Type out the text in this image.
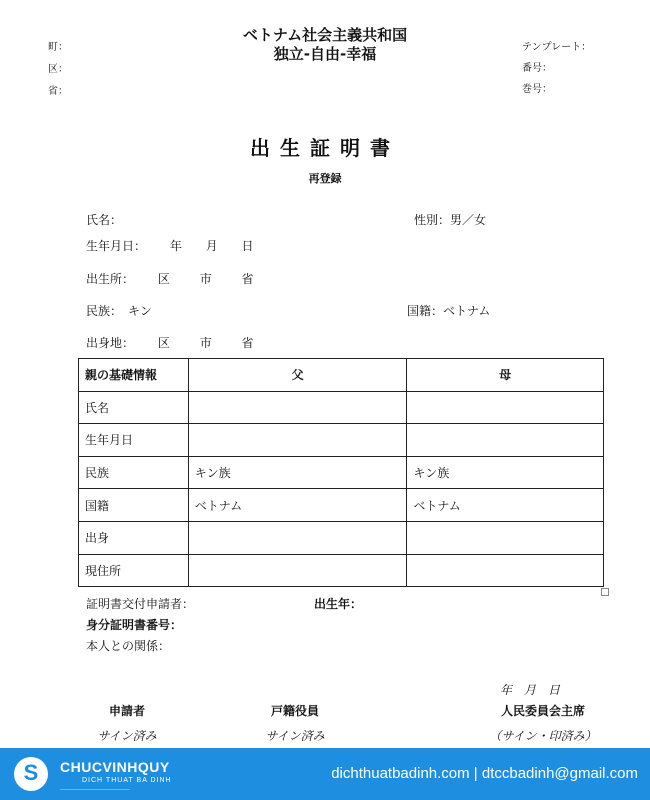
町：
区：
省：
ベトナム社会主義共和国
独立‐自由‐幸福	テンプレート：
番号：
巻号：
出生証明書
再登録
氏名：	性別：男／女
生年月日： 年 月 日
出生所： 区 市 省
民族：　キン	国籍：ベトナム
出身地： 区 市 省
親の基礎情報	父	母
氏名		
生年月日		
民族	キン族	キン族
国籍	ベトナム	ベトナム
出身		
現住所		
証明書交付申請者：	出生年：
身分証明書番号：
本人との関係：
年　月　日
申請者
サイン済み
戸籍役員
サイン済み
人民委員会主席
（サイン・印済み）
S	CHUCVINHQUY
DICH THUAT BA DINH
——————————————
dichthuatbadinh.com | dtccbadinh@gmail.com
